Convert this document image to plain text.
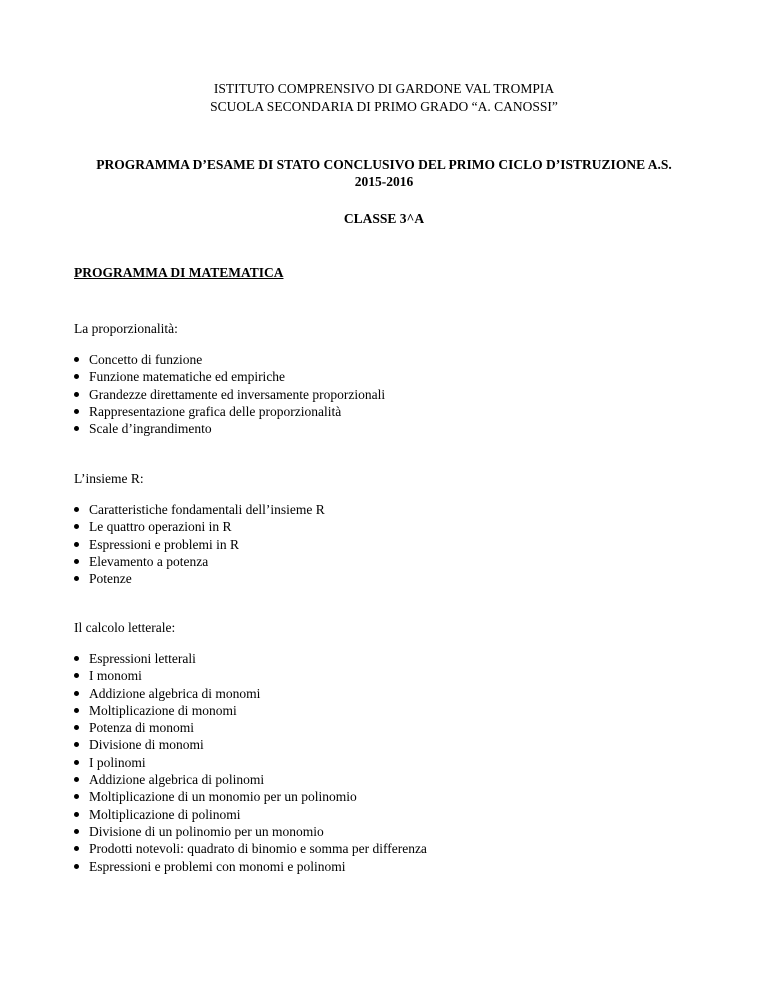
ISTITUTO COMPRENSIVO DI GARDONE VAL TROMPIA
SCUOLA SECONDARIA DI PRIMO GRADO “A. CANOSSI”
PROGRAMMA D’ESAME DI STATO CONCLUSIVO DEL PRIMO CICLO D’ISTRUZIONE A.S.
2015-2016
CLASSE 3^A
PROGRAMMA DI MATEMATICA
La proporzionalità:
Concetto di funzione
Funzione matematiche ed empiriche
Grandezze direttamente ed inversamente proporzionali
Rappresentazione grafica delle proporzionalità
Scale d’ingrandimento
L’insieme R:
Caratteristiche fondamentali dell’insieme R
Le quattro operazioni in R
Espressioni e problemi in R
Elevamento a potenza
Potenze
Il calcolo letterale:
Espressioni letterali
I monomi
Addizione algebrica di monomi
Moltiplicazione di monomi
Potenza di monomi
Divisione di monomi
I polinomi
Addizione algebrica di polinomi
Moltiplicazione di un monomio per un polinomio
Moltiplicazione di polinomi
Divisione di un polinomio per un monomio
Prodotti notevoli: quadrato di binomio e somma per differenza
Espressioni e problemi con monomi e polinomi
